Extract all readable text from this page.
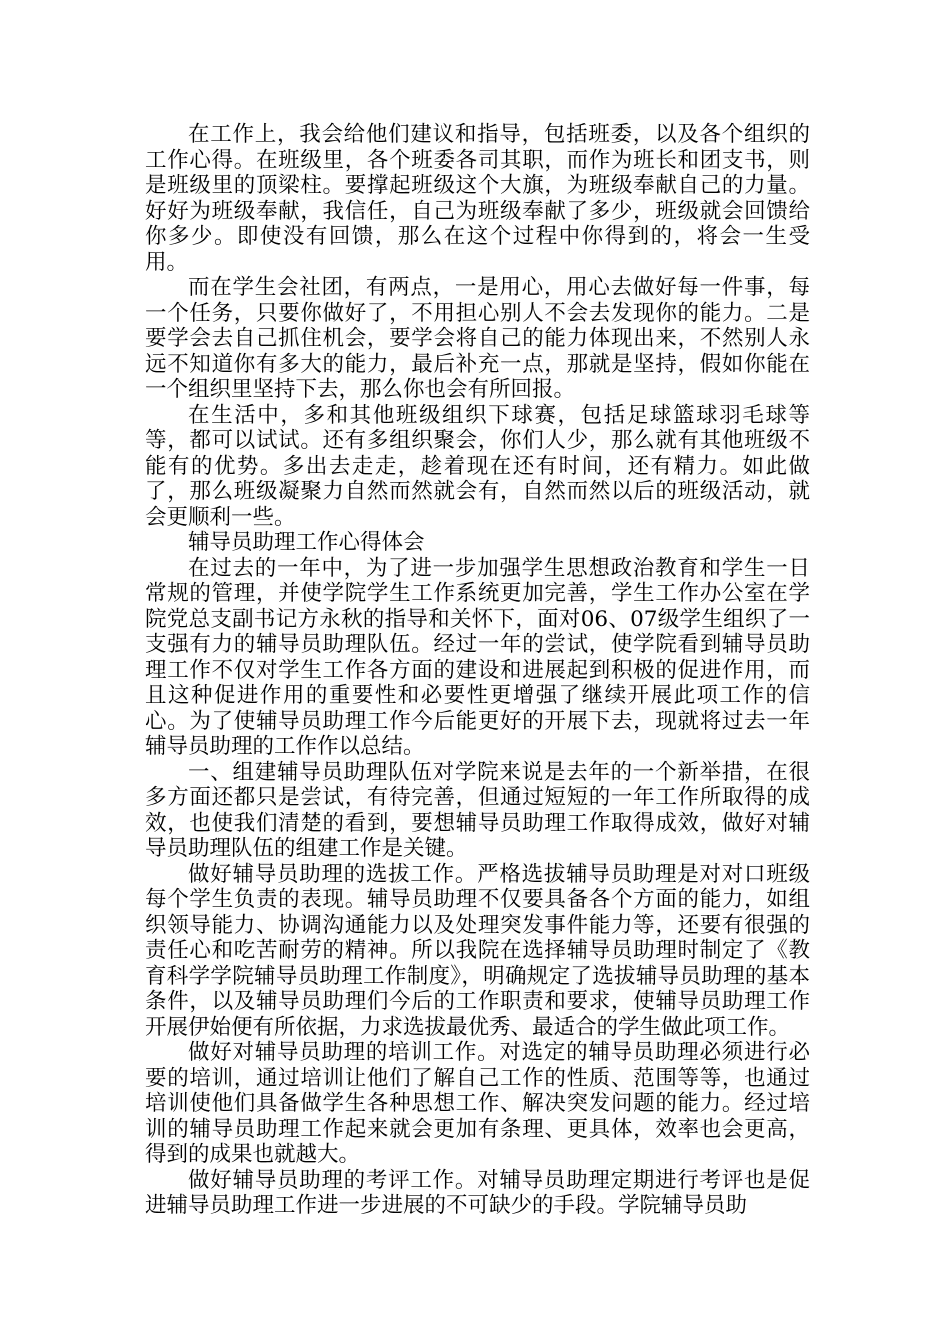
在工作上，我会给他们建议和指导，包括班委，以及各个组织的工作心得。在班级里，各个班委各司其职，而作为班长和团支书，则是班级里的顶梁柱。要撑起班级这个大旗，为班级奉献自己的力量。好好为班级奉献，我信任，自己为班级奉献了多少，班级就会回馈给你多少。即使没有回馈，那么在这个过程中你得到的，将会一生受用。

而在学生会社团，有两点，一是用心，用心去做好每一件事，每一个任务，只要你做好了，不用担心别人不会去发现你的能力。二是要学会去自己抓住机会，要学会将自己的能力体现出来，不然别人永远不知道你有多大的能力，最后补充一点，那就是坚持，假如你能在一个组织里坚持下去，那么你也会有所回报。

在生活中，多和其他班级组织下球赛，包括足球篮球羽毛球等等，都可以试试。还有多组织聚会，你们人少，那么就有其他班级不能有的优势。多出去走走，趁着现在还有时间，还有精力。如此做了，那么班级凝聚力自然而然就会有，自然而然以后的班级活动，就会更顺利一些。

辅导员助理工作心得体会

在过去的一年中，为了进一步加强学生思想政治教育和学生一日常规的管理，并使学院学生工作系统更加完善，学生工作办公室在学院党总支副书记方永秋的指导和关怀下，面对06、07级学生组织了一支强有力的辅导员助理队伍。经过一年的尝试，使学院看到辅导员助理工作不仅对学生工作各方面的建设和进展起到积极的促进作用，而且这种促进作用的重要性和必要性更增强了继续开展此项工作的信心。为了使辅导员助理工作今后能更好的开展下去，现就将过去一年辅导员助理的工作作以总结。

一、组建辅导员助理队伍对学院来说是去年的一个新举措，在很多方面还都只是尝试，有待完善，但通过短短的一年工作所取得的成效，也使我们清楚的看到，要想辅导员助理工作取得成效，做好对辅导员助理队伍的组建工作是关键。

做好辅导员助理的选拔工作。严格选拔辅导员助理是对对口班级每个学生负责的表现。辅导员助理不仅要具备各个方面的能力，如组织领导能力、协调沟通能力以及处理突发事件能力等，还要有很强的责任心和吃苦耐劳的精神。所以我院在选择辅导员助理时制定了《教育科学学院辅导员助理工作制度》，明确规定了选拔辅导员助理的基本条件，以及辅导员助理们今后的工作职责和要求，使辅导员助理工作开展伊始便有所依据，力求选拔最优秀、最适合的学生做此项工作。

做好对辅导员助理的培训工作。对选定的辅导员助理必须进行必要的培训，通过培训让他们了解自己工作的性质、范围等等，也通过培训使他们具备做学生各种思想工作、解决突发问题的能力。经过培训的辅导员助理工作起来就会更加有条理、更具体，效率也会更高，得到的成果也就越大。

做好辅导员助理的考评工作。对辅导员助理定期进行考评也是促进辅导员助理工作进一步进展的不可缺少的手段。学院辅导员助
